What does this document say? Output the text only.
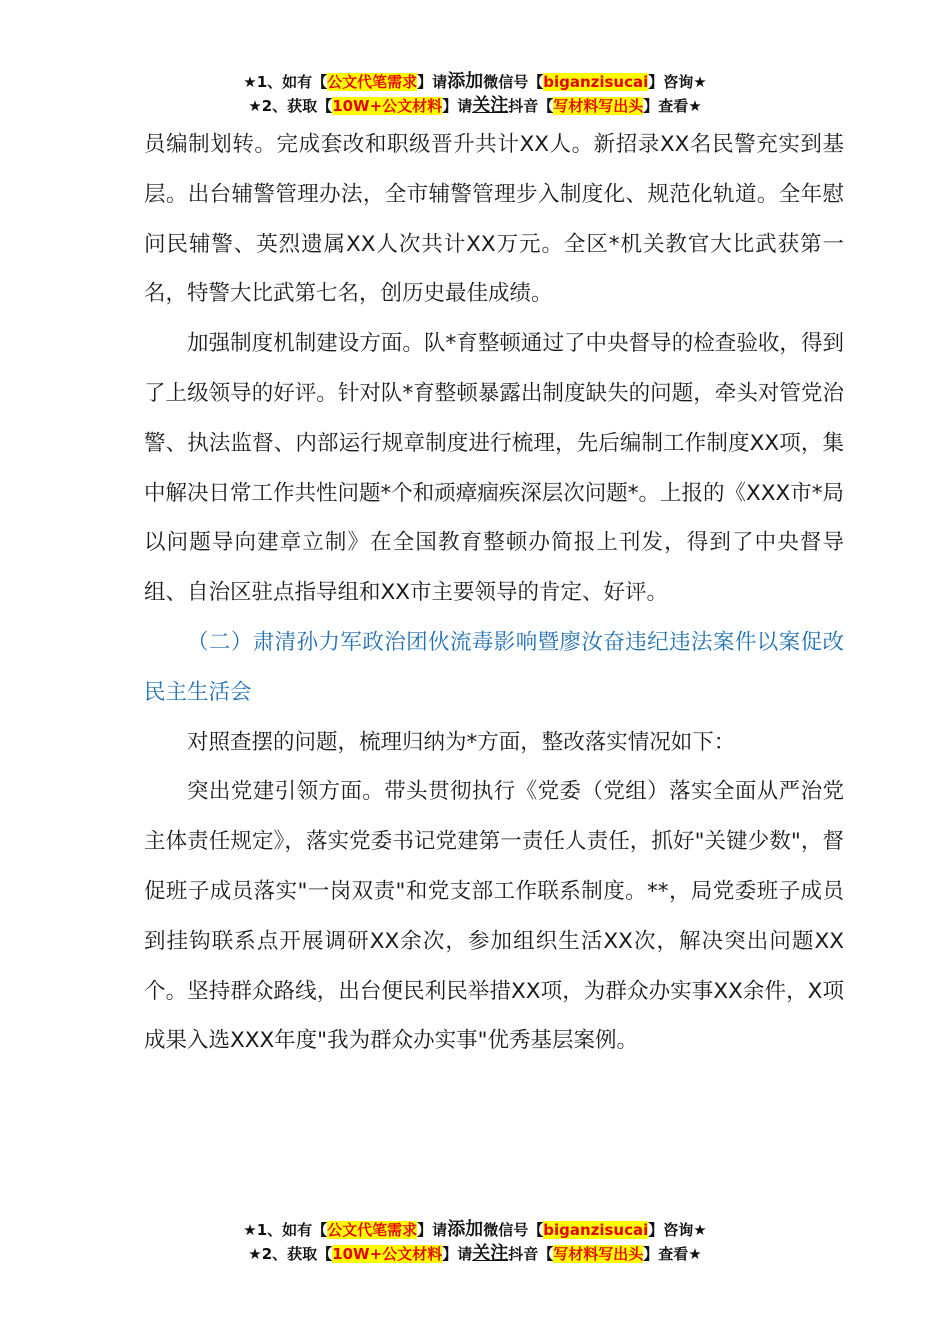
★1、如有【公文代笔需求】请添加微信号【biganzisucai】咨询★
★2、获取【10W+公文材料】请关注抖音【写材料写出头】查看★

员编制划转。完成套改和职级晋升共计XX人。新招录XX名民警充实到基层。出台辅警管理办法，全市辅警管理步入制度化、规范化轨道。全年慰问民辅警、英烈遗属XX人次共计XX万元。全区*机关教官大比武获第一名，特警大比武第七名，创历史最佳成绩。

加强制度机制建设方面。队*育整顿通过了中央督导的检查验收，得到了上级领导的好评。针对队*育整顿暴露出制度缺失的问题，牵头对管党治警、执法监督、内部运行规章制度进行梳理，先后编制工作制度XX项，集中解决日常工作共性问题*个和顽瘴痼疾深层次问题*。上报的《XXX市*局以问题导向建章立制》在全国教育整顿办简报上刊发，得到了中央督导组、自治区驻点指导组和XX市主要领导的肯定、好评。

（二）肃清孙力军政治团伙流毒影响暨廖汝奋违纪违法案件以案促改民主生活会

对照查摆的问题，梳理归纳为*方面，整改落实情况如下：

突出党建引领方面。带头贯彻执行《党委（党组）落实全面从严治党主体责任规定》，落实党委书记党建第一责任人责任，抓好"关键少数"，督促班子成员落实"一岗双责"和党支部工作联系制度。**，局党委班子成员到挂钩联系点开展调研XX余次，参加组织生活XX次，解决突出问题XX个。坚持群众路线，出台便民利民举措XX项，为群众办实事XX余件，X项成果入选XXX年度"我为群众办实事"优秀基层案例。

★1、如有【公文代笔需求】请添加微信号【biganzisucai】咨询★
★2、获取【10W+公文材料】请关注抖音【写材料写出头】查看★
